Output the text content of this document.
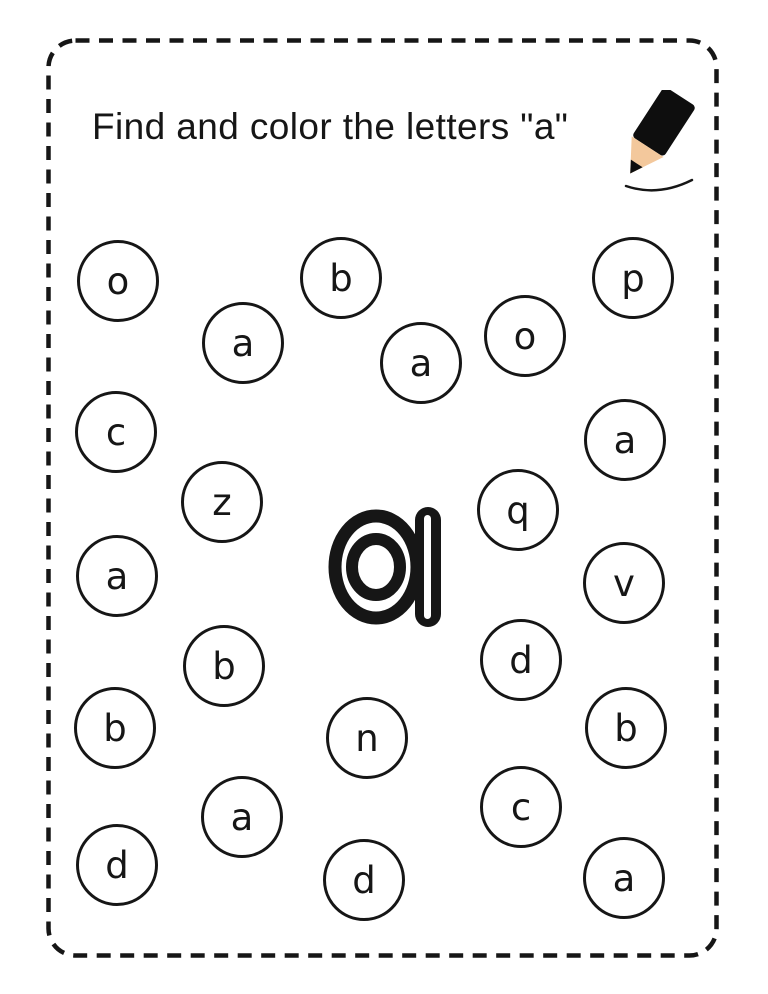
Find and color the letters "a"
o	b	p
a	a
o
c	a
z	q
a	v
b	d
b	n	b
a	c
d	d	a
